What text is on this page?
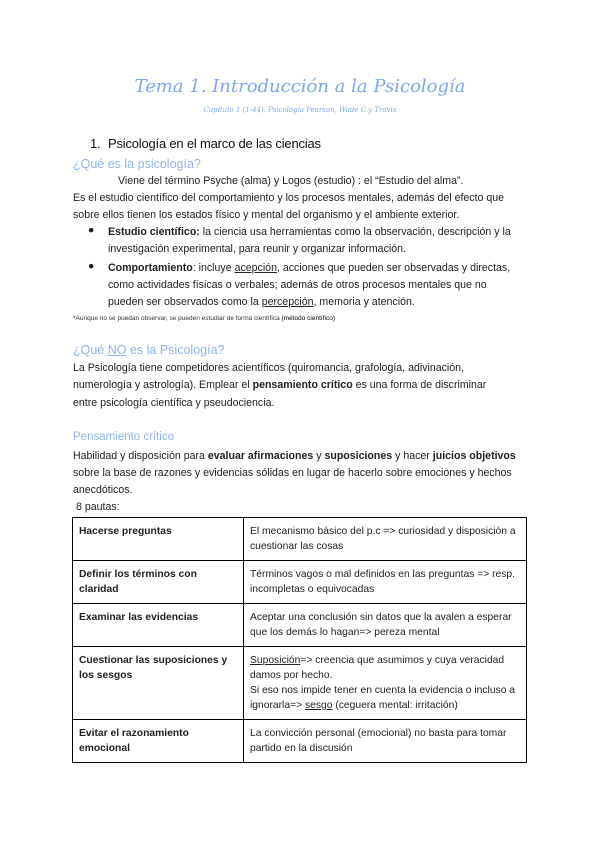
Tema 1. Introducción a la Psicología
Capítulo 1 (1-44). Psicología Pearson, Wade C y Travis
1. Psicología en el marco de las ciencias
¿Qué es la psicología?
Viene del término Psyche (alma) y Logos (estudio) : el “Estudio del alma”.
Es el estudio científico del comportamiento y los procesos mentales, además del efecto que
sobre ellos tienen los estados físico y mental del organismo y el ambiente exterior.
● Estudio científico: la ciencia usa herramientas como la observación, descripción y la
investigación experimental, para reunir y organizar información.
● Comportamiento: incluye acepción, acciones que pueden ser observadas y directas,
como actividades físicas o verbales; además de otros procesos mentales que no
pueden ser observados como la percepción, memoria y atención.
*Aunque no se puedan observar, se pueden estudiar de forma científica (método científico)
¿Qué NO es la Psicología?
La Psicología tiene competidores acientíficos (quiromancia, grafología, adivinación,
numerología y astrología). Emplear el pensamiento crítico es una forma de discriminar
entre psicología científica y pseudociencia.
Pensamiento crítico
Habilidad y disposición para evaluar afirmaciones y suposiciones y hacer juicios objetivos
sobre la base de razones y evidencias sólidas en lugar de hacerlo sobre emociones y hechos
anecdóticos.
8 pautas:
Hacerse preguntas	El mecanismo básico del p.c => curiosidad y disposición a cuestionar las cosas
Definir los términos con claridad	Términos vagos o mal definidos en las preguntas => resp. incompletas o equivocadas
Examinar las evidencias	Aceptar una conclusión sin datos que la avalen a esperar que los demás lo hagan=> pereza mental
Cuestionar las suposiciones y los sesgos	Suposición=> creencia que asumimos y cuya veracidad damos por hecho.
Si eso nos impide tener en cuenta la evidencia o incluso a ignorarla=> sesgo (ceguera mental: irritación)
Evitar el razonamiento emocional	La convicción personal (emocional) no basta para tomar partido en la discusión
